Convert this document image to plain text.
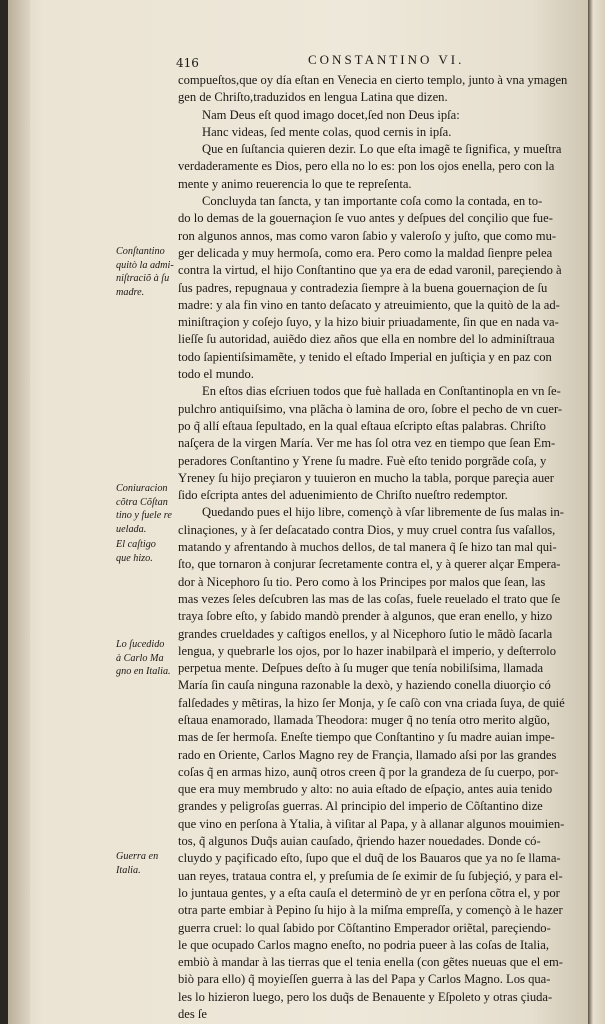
416	CONSTANTINO VI.
compueſtos,que oy día eſtan en Venecia en cierto templo, junto à vna ymagen
gen de Chriſto,traduzidos en lengua Latina que dizen.
Nam Deus eſt quod imago docet,ſed non Deus ipſa:
Hanc videas, ſed mente colas, quod cernis in ipſa.
Que en ſuſtancia quieren dezir. Lo que eſta imagẽ te ſignifica, y mueſtra
verdaderamente es Dios, pero ella no lo es: pon los ojos enella, pero con la
mente y animo reuerencia lo que te repreſenta.
Concluyda tan ſancta, y tan importante coſa como la contada, en to-
do lo demas de la gouernaçion ſe vuo antes y deſpues del conçilio que fue-
ron algunos annos, mas como varon ſabio y valeroſo y juſto, que como mu-
ger delicada y muy hermoſa, como era. Pero como la maldad ſienpre pelea
contra la virtud, el hijo Conſtantino que ya era de edad varonil, pareçiendo à
ſus padres, repugnaua y contradezia ſiempre à la buena gouernaçion de ſu
madre: y ala fin vino en tanto deſacato y atreuimiento, que la quitò de la ad-
miniſtraçion y coſejo ſuyo, y la hizo biuir priuadamente, ſin que en nada va-
lieſſe ſu autoridad, auiẽdo diez años que ella en nombre del lo adminiſtraua
todo ſapientiſsimamẽte, y tenido el eſtado Imperial en juſtiçia y en paz con
todo el mundo.
En eſtos dias eſcriuen todos que fuè hallada en Conſtantinopla en vn ſe-
pulchro antiquiſsimo, vna plãcha ò lamina de oro, ſobre el pecho de vn cuer-
po q̃ allí eſtaua ſepultado, en la qual eſtaua eſcripto eſtas palabras. Chriſto
naſçera de la virgen María. Ver me has ſol otra vez en tiempo que ſean Em-
peradores Conſtantino y Yrene ſu madre. Fuè eſto tenido porgrãde coſa, y
Yreney ſu hijo preçiaron y tuuieron en mucho la tabla, porque pareçia auer
ſido eſcripta antes del aduenimiento de Chriſto nueſtro redemptor.
Quedando pues el hijo libre, començò à vſar libremente de ſus malas in-
clinaçiones, y à ſer deſacatado contra Dios, y muy cruel contra ſus vaſallos,
matando y afrentando à muchos dellos, de tal manera q̃ ſe hizo tan mal qui-
ſto, que tornaron à conjurar ſecretamente contra el, y à querer alçar Empera-
dor à Nicephoro ſu tio. Pero como à los Principes por malos que ſean, las
mas vezes ſeles deſcubren las mas de las coſas, fuele reuelado el trato que ſe
traya ſobre eſto, y ſabido mandò prender à algunos, que eran enello, y hizo
grandes crueldades y caſtigos enellos, y al Nicephoro ſutio le mãdò ſacarla
lengua, y quebrarle los ojos, por lo hazer inabilparà el imperio, y deſterrolo
perpetua mente. Deſpues deſto à ſu muger que tenía nobiliſsima, llamada
María ſin cauſa ninguna razonable la dexò, y haziendo conella diuorçio có
falſedades y mẽtiras, la hizo ſer Monja, y ſe caſò con vna criada ſuya, de quié
eſtaua enamorado, llamada Theodora: muger q̃ no tenía otro merito algũo,
mas de ſer hermoſa. Eneſte tiempo que Conſtantino y ſu madre auian impe-
rado en Oriente, Carlos Magno rey de Françia, llamado aſsi por las grandes
coſas q̃ en armas hizo, aunq̃ otros creen q̃ por la grandeza de ſu cuerpo, por-
que era muy membrudo y alto: no auia eſtado de eſpaçio, antes auia tenido
grandes y peligroſas guerras. Al principio del imperio de Cõſtantino dize
que vino en perſona à Ytalia, à viſitar al Papa, y à allanar algunos mouimien-
tos, q̃ algunos Duq̃s auian cauſado, q̃riendo hazer nouedades. Donde có-
cluydo y paçificado eſto, ſupo que el duq̃ de los Bauaros que ya no ſe llama-
uan reyes, trataua contra el, y preſumia de ſe eximir de ſu ſubjeçió, y para el-
lo juntaua gentes, y a eſta cauſa el determinò de yr en perſona cõtra el, y por
otra parte embiar à Pepino ſu hijo à la miſma empreſſa, y començò à le hazer
guerra cruel: lo qual ſabido por Cõſtantino Emperador oriẽtal, pareçiendo-
le que ocupado Carlos magno eneſto, no podria pueer à las coſas de Italia,
embiò à mandar à las tierras que el tenia enella (con gẽtes nueuas que el em-
biò para ello) q̃ moуieſſen guerra à las del Papa y Carlos Magno. Los qua-
les lo hizieron luego, pero los duq̃s de Benauente y Eſpoleto y otras çiuda-
des ſe
Conſtantino
quitò la admi-
niſtraciõ à ſu
madre.
Coniuracion
cõtra Cõſtan
tino y fuele re
uelada.
El caſtigo
que hizo.
Lo ſucedido
à Carlo Ma
gno en Italia.
Guerra en
Italia.
